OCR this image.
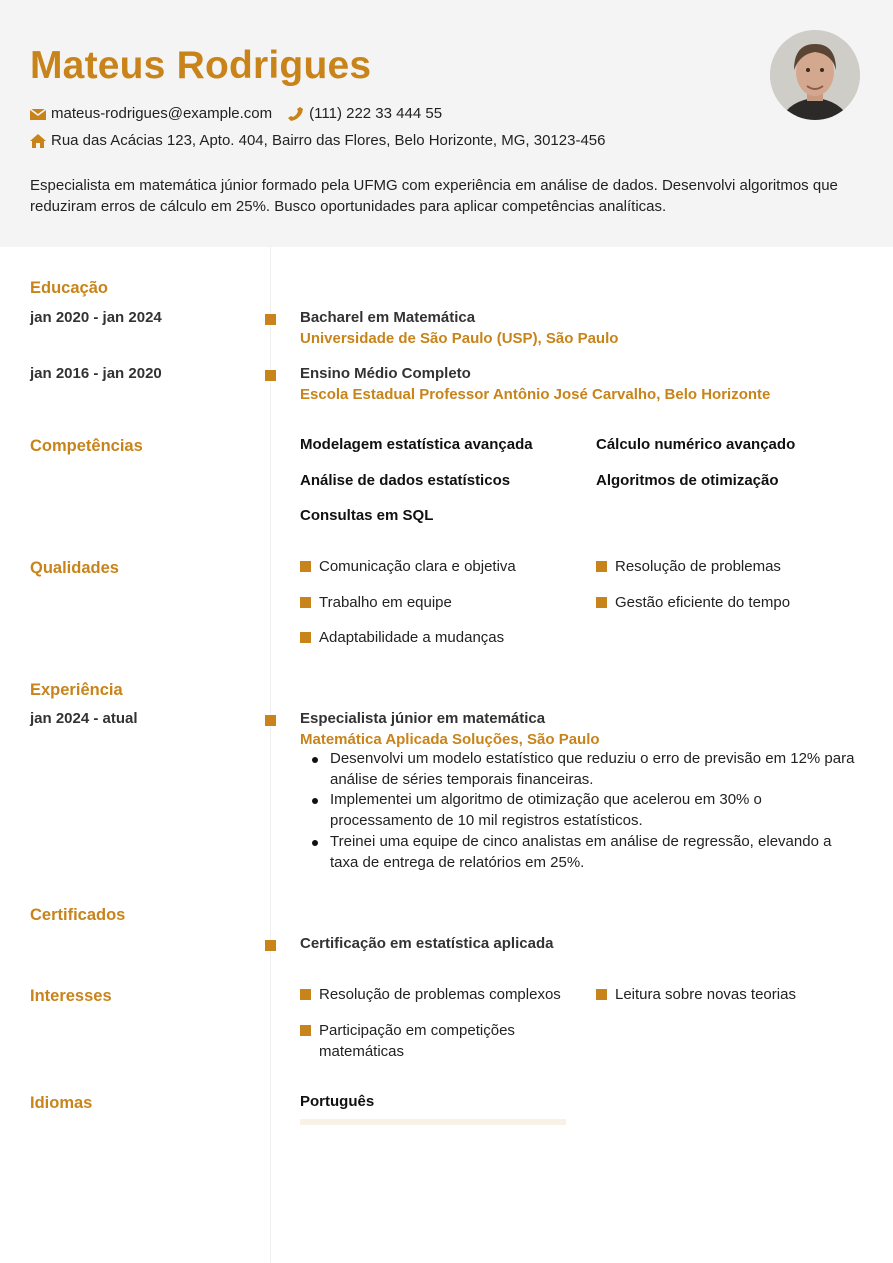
Mateus Rodrigues
mateus-rodrigues@example.com (111) 222 33 444 55
Rua das Acácias 123, Apto. 404, Bairro das Flores, Belo Horizonte, MG, 30123-456
Especialista em matemática júnior formado pela UFMG com experiência em análise de dados. Desenvolvi algoritmos que reduziram erros de cálculo em 25%. Busco oportunidades para aplicar competências analíticas.
Educação
jan 2020 - jan 2024	Bacharel em Matemática
Universidade de São Paulo (USP), São Paulo
jan 2016 - jan 2020	Ensino Médio Completo
Escola Estadual Professor Antônio José Carvalho, Belo Horizonte
Competências	Modelagem estatística avançada	Cálculo numérico avançado
Análise de dados estatísticos	Algoritmos de otimização
Consultas em SQL
Qualidades	Comunicação clara e objetiva	Resolução de problemas
Trabalho em equipe	Gestão eficiente do tempo
Adaptabilidade a mudanças
Experiência
jan 2024 - atual	Especialista júnior em matemática
Matemática Aplicada Soluções, São Paulo
Desenvolvi um modelo estatístico que reduziu o erro de previsão em 12% para análise de séries temporais financeiras.
Implementei um algoritmo de otimização que acelerou em 30% o processamento de 10 mil registros estatísticos.
Treinei uma equipe de cinco analistas em análise de regressão, elevando a taxa de entrega de relatórios em 25%.
Certificados
Certificação em estatística aplicada
Interesses	Resolução de problemas complexos	Leitura sobre novas teorias
Participação em competições matemáticas
Idiomas	Português
